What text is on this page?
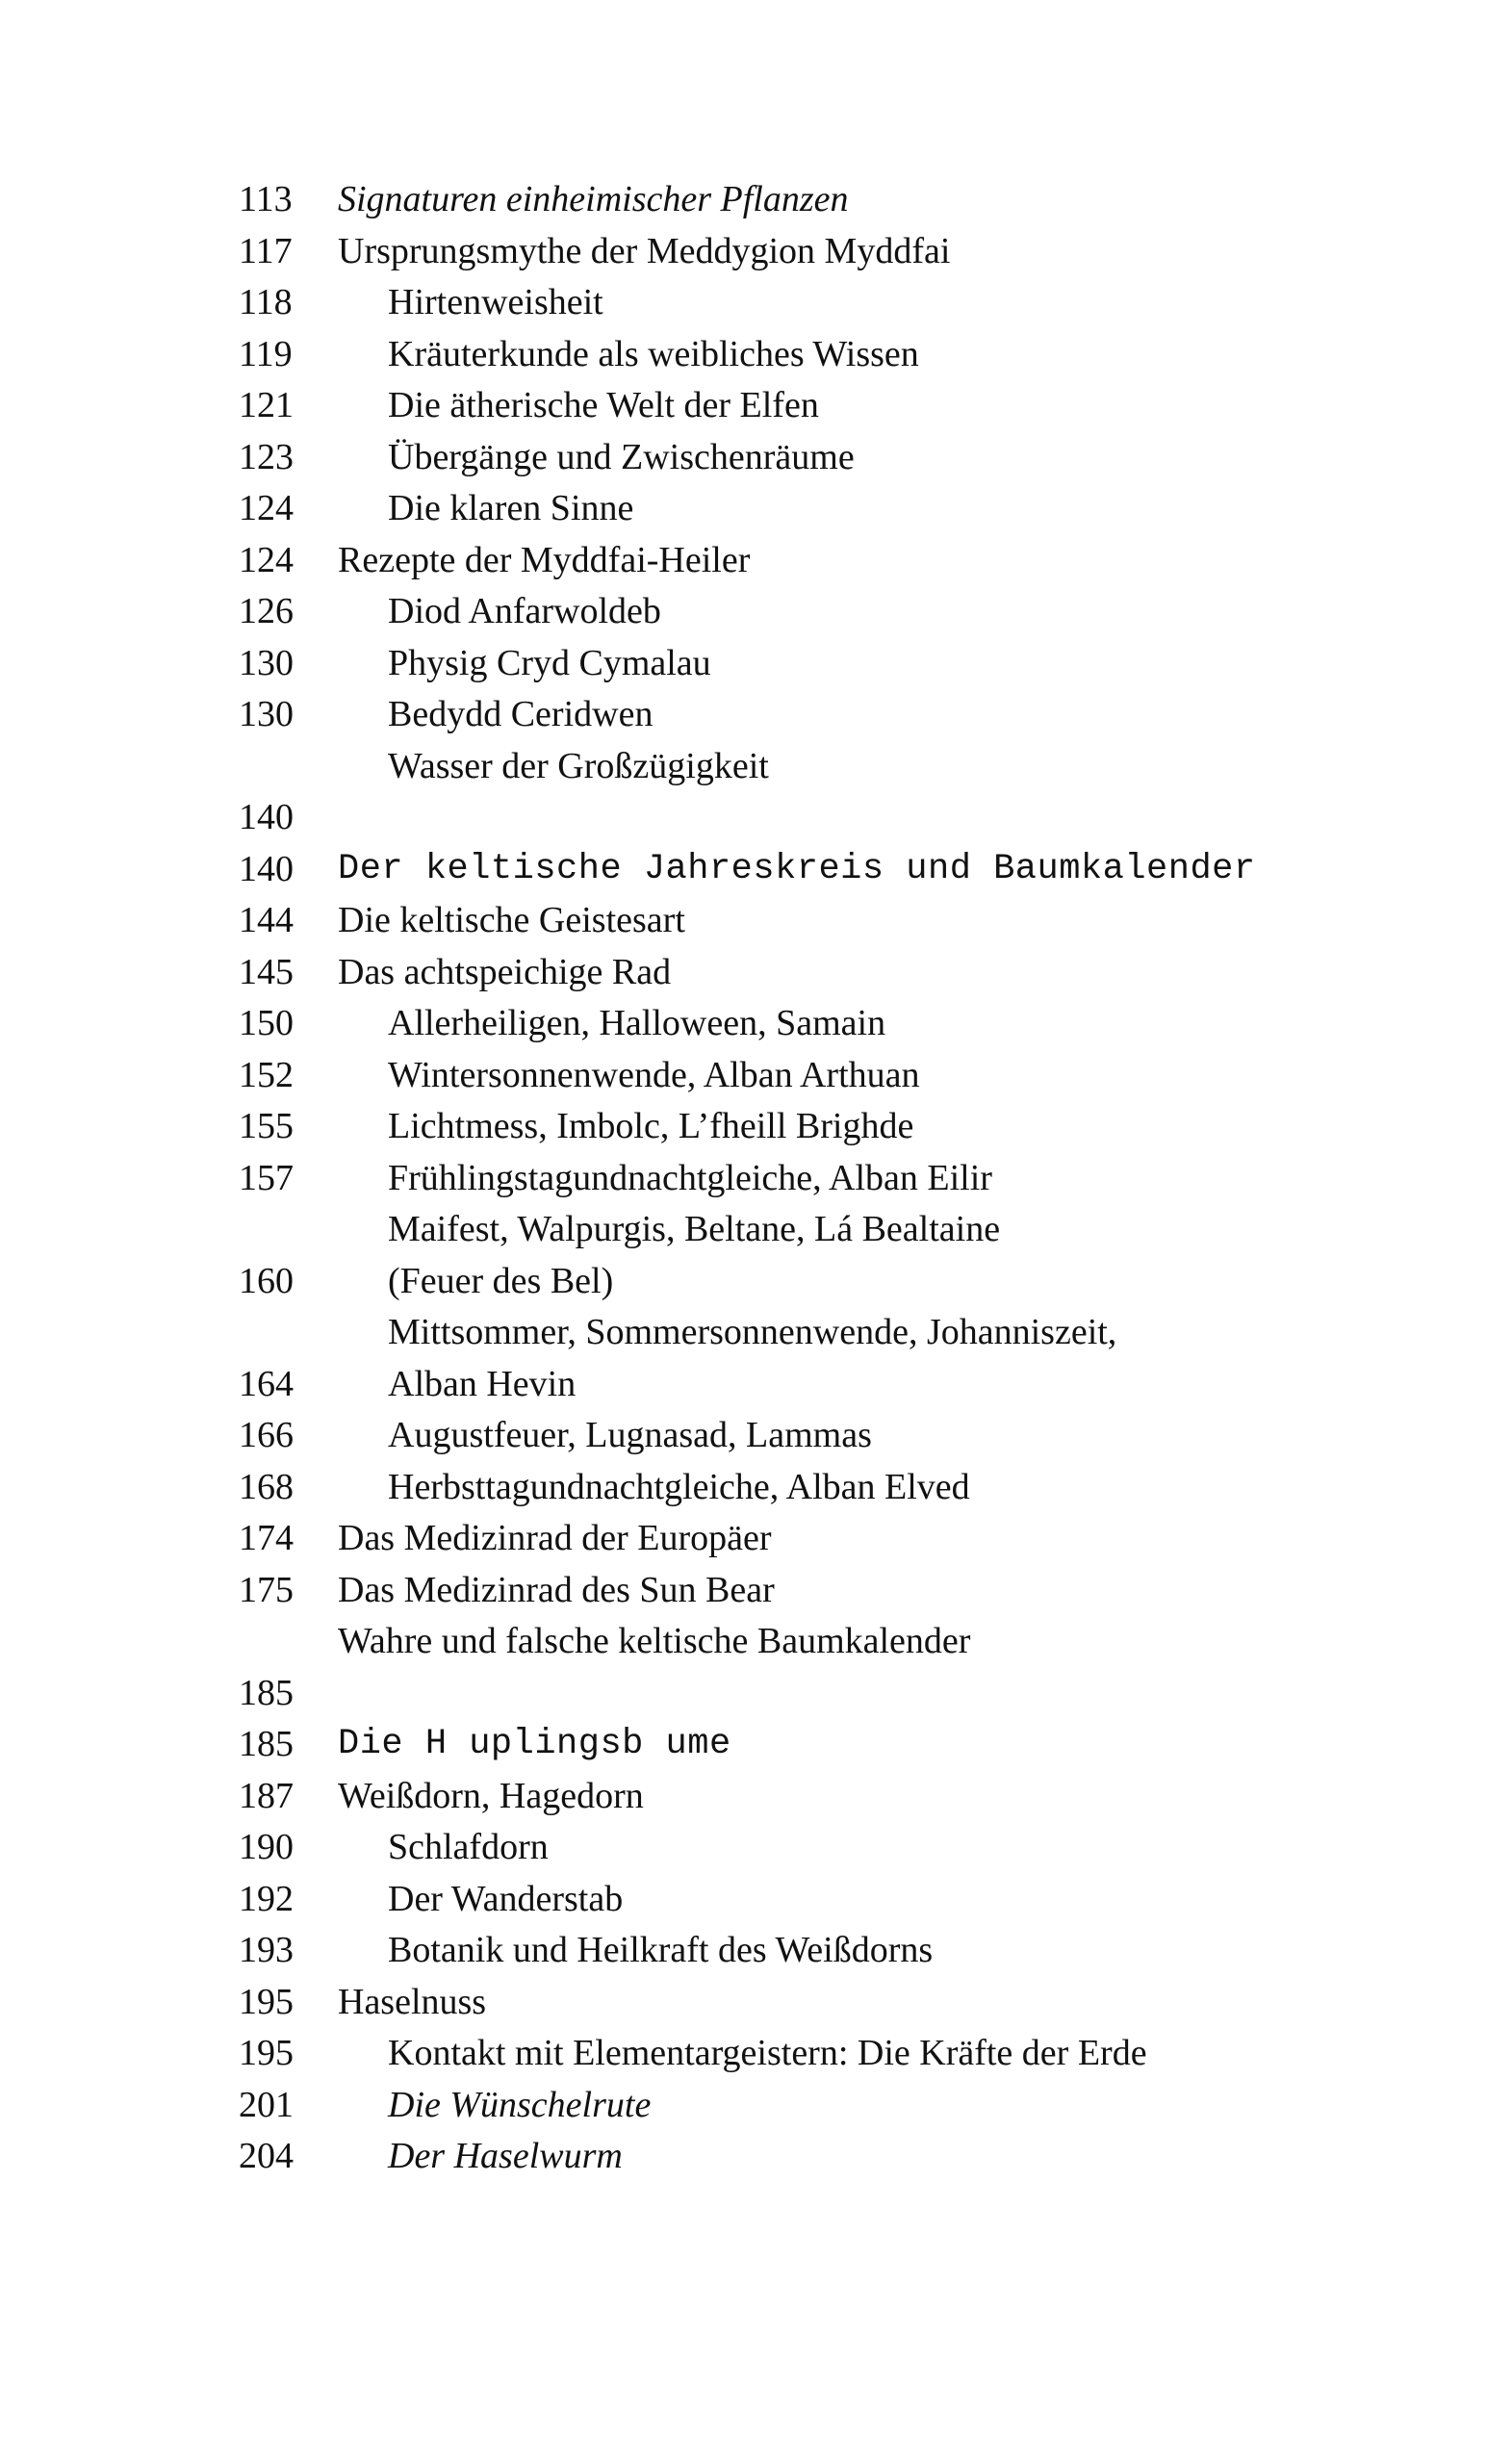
113	Signaturen einheimischer Pflanzen
117	Ursprungsmythe der Meddygion Myddfai
118	Hirtenweisheit
119	Kräuterkunde als weibliches Wissen
121	Die ätherische Welt der Elfen
123	Übergänge und Zwischenräume
124	Die klaren Sinne
124	Rezepte der Myddfai-Heiler
126	Diod Anfarwoldeb
130	Physig Cryd Cymalau
130	Bedydd Ceridwen
Wasser der Großzügigkeit
140
140	Der keltische Jahreskreis und Baumkalender
144	Die keltische Geistesart
145	Das achtspeichige Rad
150	Allerheiligen, Halloween, Samain
152	Wintersonnenwende, Alban Arthuan
155	Lichtmess, Imbolc, L’fheill Brighde
157	Frühlingstagundnachtgleiche, Alban Eilir
Maifest, Walpurgis, Beltane, Lá Bealtaine
160	(Feuer des Bel)
Mittsommer, Sommersonnenwende, Johanniszeit,
164	Alban Hevin
166	Augustfeuer, Lugnasad, Lammas
168	Herbsttagundnachtgleiche, Alban Elved
174	Das Medizinrad der Europäer
175	Das Medizinrad des Sun Bear
Wahre und falsche keltische Baumkalender
185
185	Die H uplingsb ume
187	Weißdorn, Hagedorn
190	Schlafdorn
192	Der Wanderstab
193	Botanik und Heilkraft des Weißdorns
195	Haselnuss
195	Kontakt mit Elementargeistern: Die Kräfte der Erde
201	Die Wünschelrute
204	Der Haselwurm
